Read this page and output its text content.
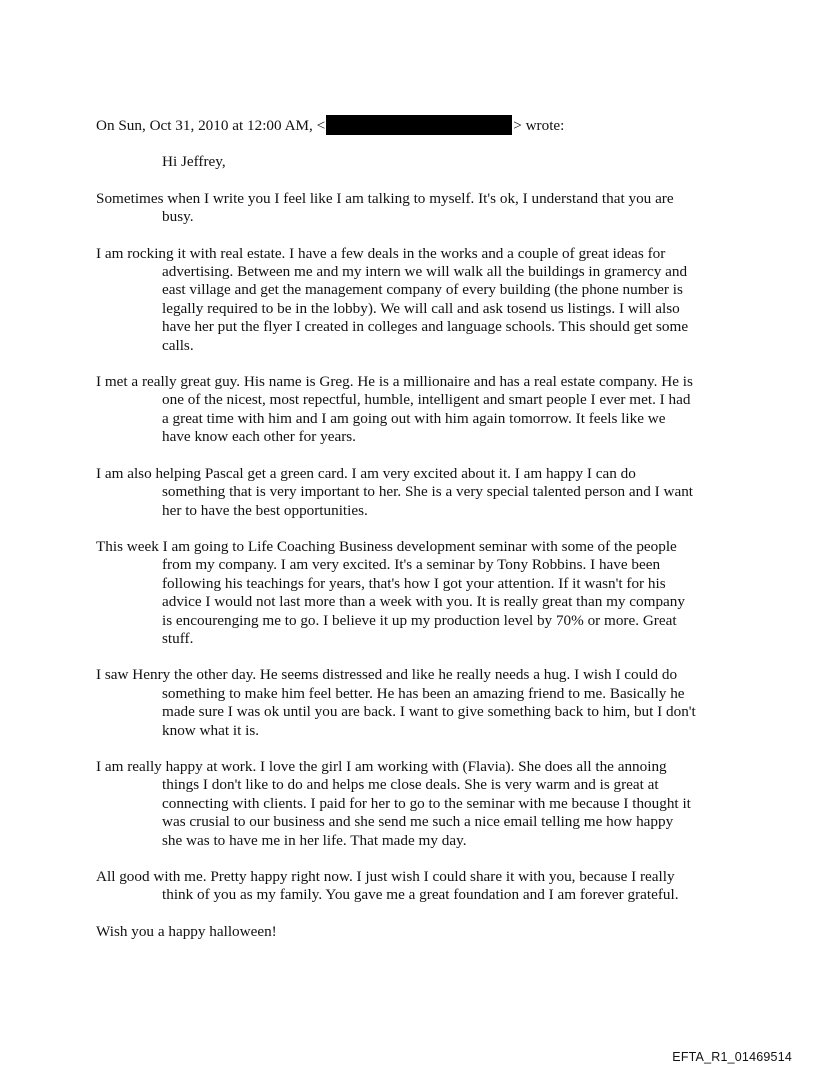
On Sun, Oct 31, 2010 at 12:00 AM, <	> wrote:
Hi Jeffrey,
Sometimes when I write you I feel like I am talking to myself. It's ok, I understand that you are busy.
I am rocking it with real estate. I have a few deals in the works and a couple of great ideas for advertising. Between me and my intern we will walk all the buildings in gramercy and east village and get the management company of every building (the phone number is legally required to be in the lobby). We will call and ask tosend us listings. I will also have her put the flyer I created in colleges and language schools. This should get some calls.
I met a really great guy. His name is Greg. He is a millionaire and has a real estate company. He is one of the nicest, most repectful, humble, intelligent and smart people I ever met. I had a great time with him and I am going out with him again tomorrow. It feels like we have know each other for years.
I am also helping Pascal get a green card. I am very excited about it. I am happy I can do something that is very important to her. She is a very special talented person and I want her to have the best opportunities.
This week I am going to Life Coaching Business development seminar with some of the people from my company. I am very excited. It's a seminar by Tony Robbins. I have been following his teachings for years, that's how I got your attention. If it wasn't for his advice I would not last more than a week with you. It is really great than my company is encourenging me to go. I believe it up my production level by 70% or more. Great stuff.
I saw Henry the other day. He seems distressed and like he really needs a hug. I wish I could do something to make him feel better. He has been an amazing friend to me. Basically he made sure I was ok until you are back. I want to give something back to him, but I don't know what it is.
I am really happy at work. I love the girl I am working with (Flavia). She does all the annoing things I don't like to do and helps me close deals. She is very warm and is great at connecting with clients. I paid for her to go to the seminar with me because I thought it was crusial to our business and she send me such a nice email telling me how happy she was to have me in her life. That made my day.
All good with me. Pretty happy right now. I just wish I could share it with you, because I really think of you as my family. You gave me a great foundation and I am forever grateful.
Wish you a happy halloween!
EFTA_R1_01469514
